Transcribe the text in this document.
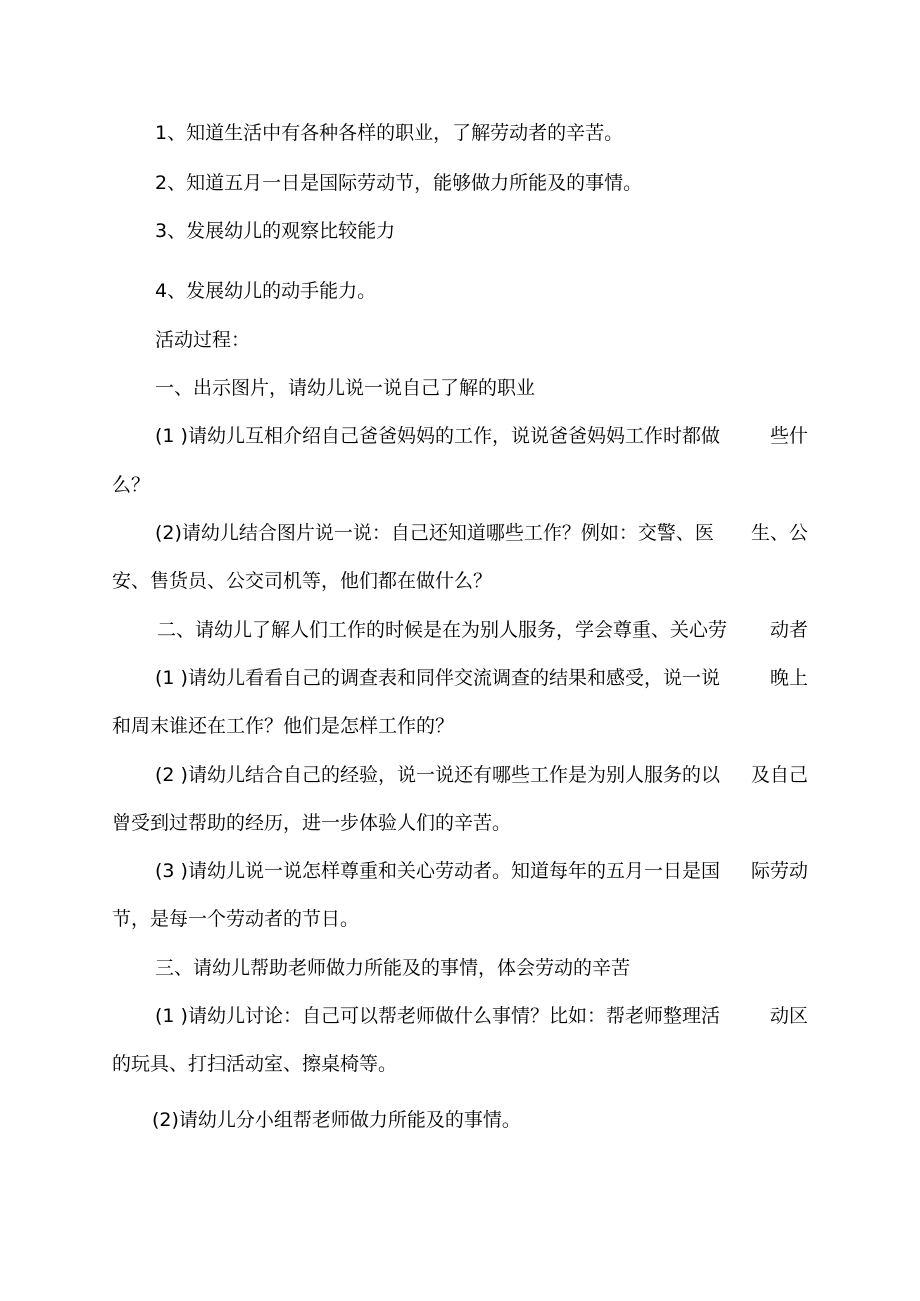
1、知道生活中有各种各样的职业，了解劳动者的辛苦。
2、知道五月一日是国际劳动节，能够做力所能及的事情。
3、发展幼儿的观察比较能力
4、发展幼儿的动手能力。
活动过程：
一、出示图片，请幼儿说一说自己了解的职业
(1 )请幼儿互相介绍自己爸爸妈妈的工作，说说爸爸妈妈工作时都做	些什
么？
(2)请幼儿结合图片说一说：自己还知道哪些工作？例如：交警、医 生、公
安、售货员、公交司机等，他们都在做什么？
二、请幼儿了解人们工作的时候是在为别人服务，学会尊重、关心劳 动者
(1 )请幼儿看看自己的调查表和同伴交流调查的结果和感受，说一说	晚上
和周末谁还在工作？他们是怎样工作的？
(2 )请幼儿结合自己的经验，说一说还有哪些工作是为别人服务的以 及自己
曾受到过帮助的经历，进一步体验人们的辛苦。
(3 )请幼儿说一说怎样尊重和关心劳动者。知道每年的五月一日是国 际劳动
节，是每一个劳动者的节日。
三、请幼儿帮助老师做力所能及的事情，体会劳动的辛苦
(1 )请幼儿讨论：自己可以帮老师做什么事情？比如：帮老师整理活	动区
的玩具、打扫活动室、擦桌椅等。
(2)请幼儿分小组帮老师做力所能及的事情。
